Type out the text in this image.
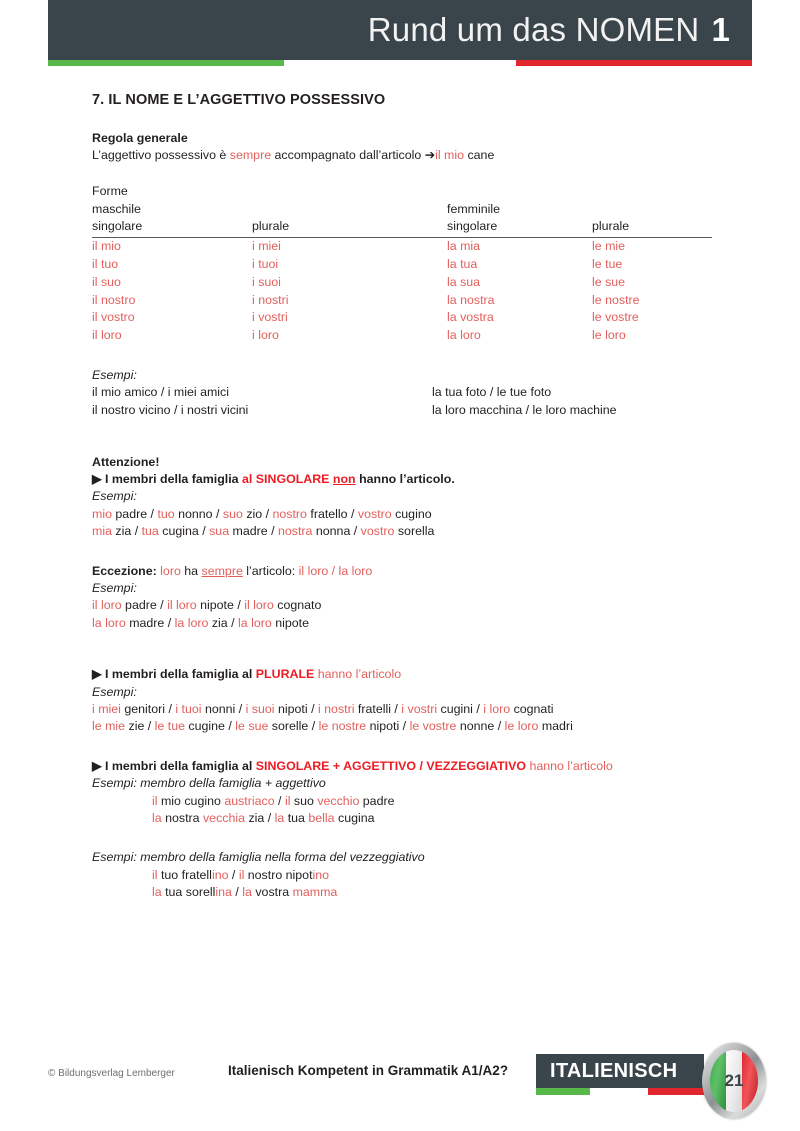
Rund um das NOMEN 1
7. IL NOME E L’AGGETTIVO POSSESSIVO
Regola generale
L’aggettivo possessivo è sempre accompagnato dall’articolo ➔il mio cane
Forme
maschile	femminile
singolare	plurale	singolare	plurale
il mio	i miei	la mia	le mie
il tuo	i tuoi	la tua	le tue
il suo	i suoi	la sua	le sue
il nostro	i nostri	la nostra	le nostre
il vostro	i vostri	la vostra	le vostre
il loro	i loro	la loro	le loro
Esempi:
il mio amico / i miei amici	la tua foto / le tue foto
il nostro vicino / i nostri vicini	la loro macchina / le loro machine
Attenzione!
▶ I membri della famiglia al SINGOLARE non hanno l’articolo.
Esempi:
mio padre / tuo nonno / suo zio / nostro fratello / vostro cugino
mia zia / tua cugina / sua madre / nostra nonna / vostro sorella
Eccezione: loro ha sempre l’articolo: il loro / la loro
Esempi:
il loro padre / il loro nipote / il loro cognato
la loro madre / la loro zia / la loro nipote
▶ I membri della famiglia al PLURALE hanno l’articolo
Esempi:
i miei genitori / i tuoi nonni / i suoi nipoti / i nostri fratelli / i vostri cugini / i loro cognati
le mie zie / le tue cugine / le sue sorelle / le nostre nipoti / le vostre nonne / le loro madri
▶ I membri della famiglia al SINGOLARE + AGGETTIVO / VEZZEGGIATIVO hanno l’articolo
Esempi: membro della famiglia + aggettivo
il mio cugino austriaco / il suo vecchio padre
la nostra vecchia zia / la tua bella cugina
Esempi: membro della famiglia nella forma del vezzeggiativo
il tuo fratellino / il nostro nipotino
la tua sorellina / la vostra mamma
© Bildungsverlag Lemberger	Italienisch Kompetent in Grammatik A1/A2?	ITALIENISCH	21
